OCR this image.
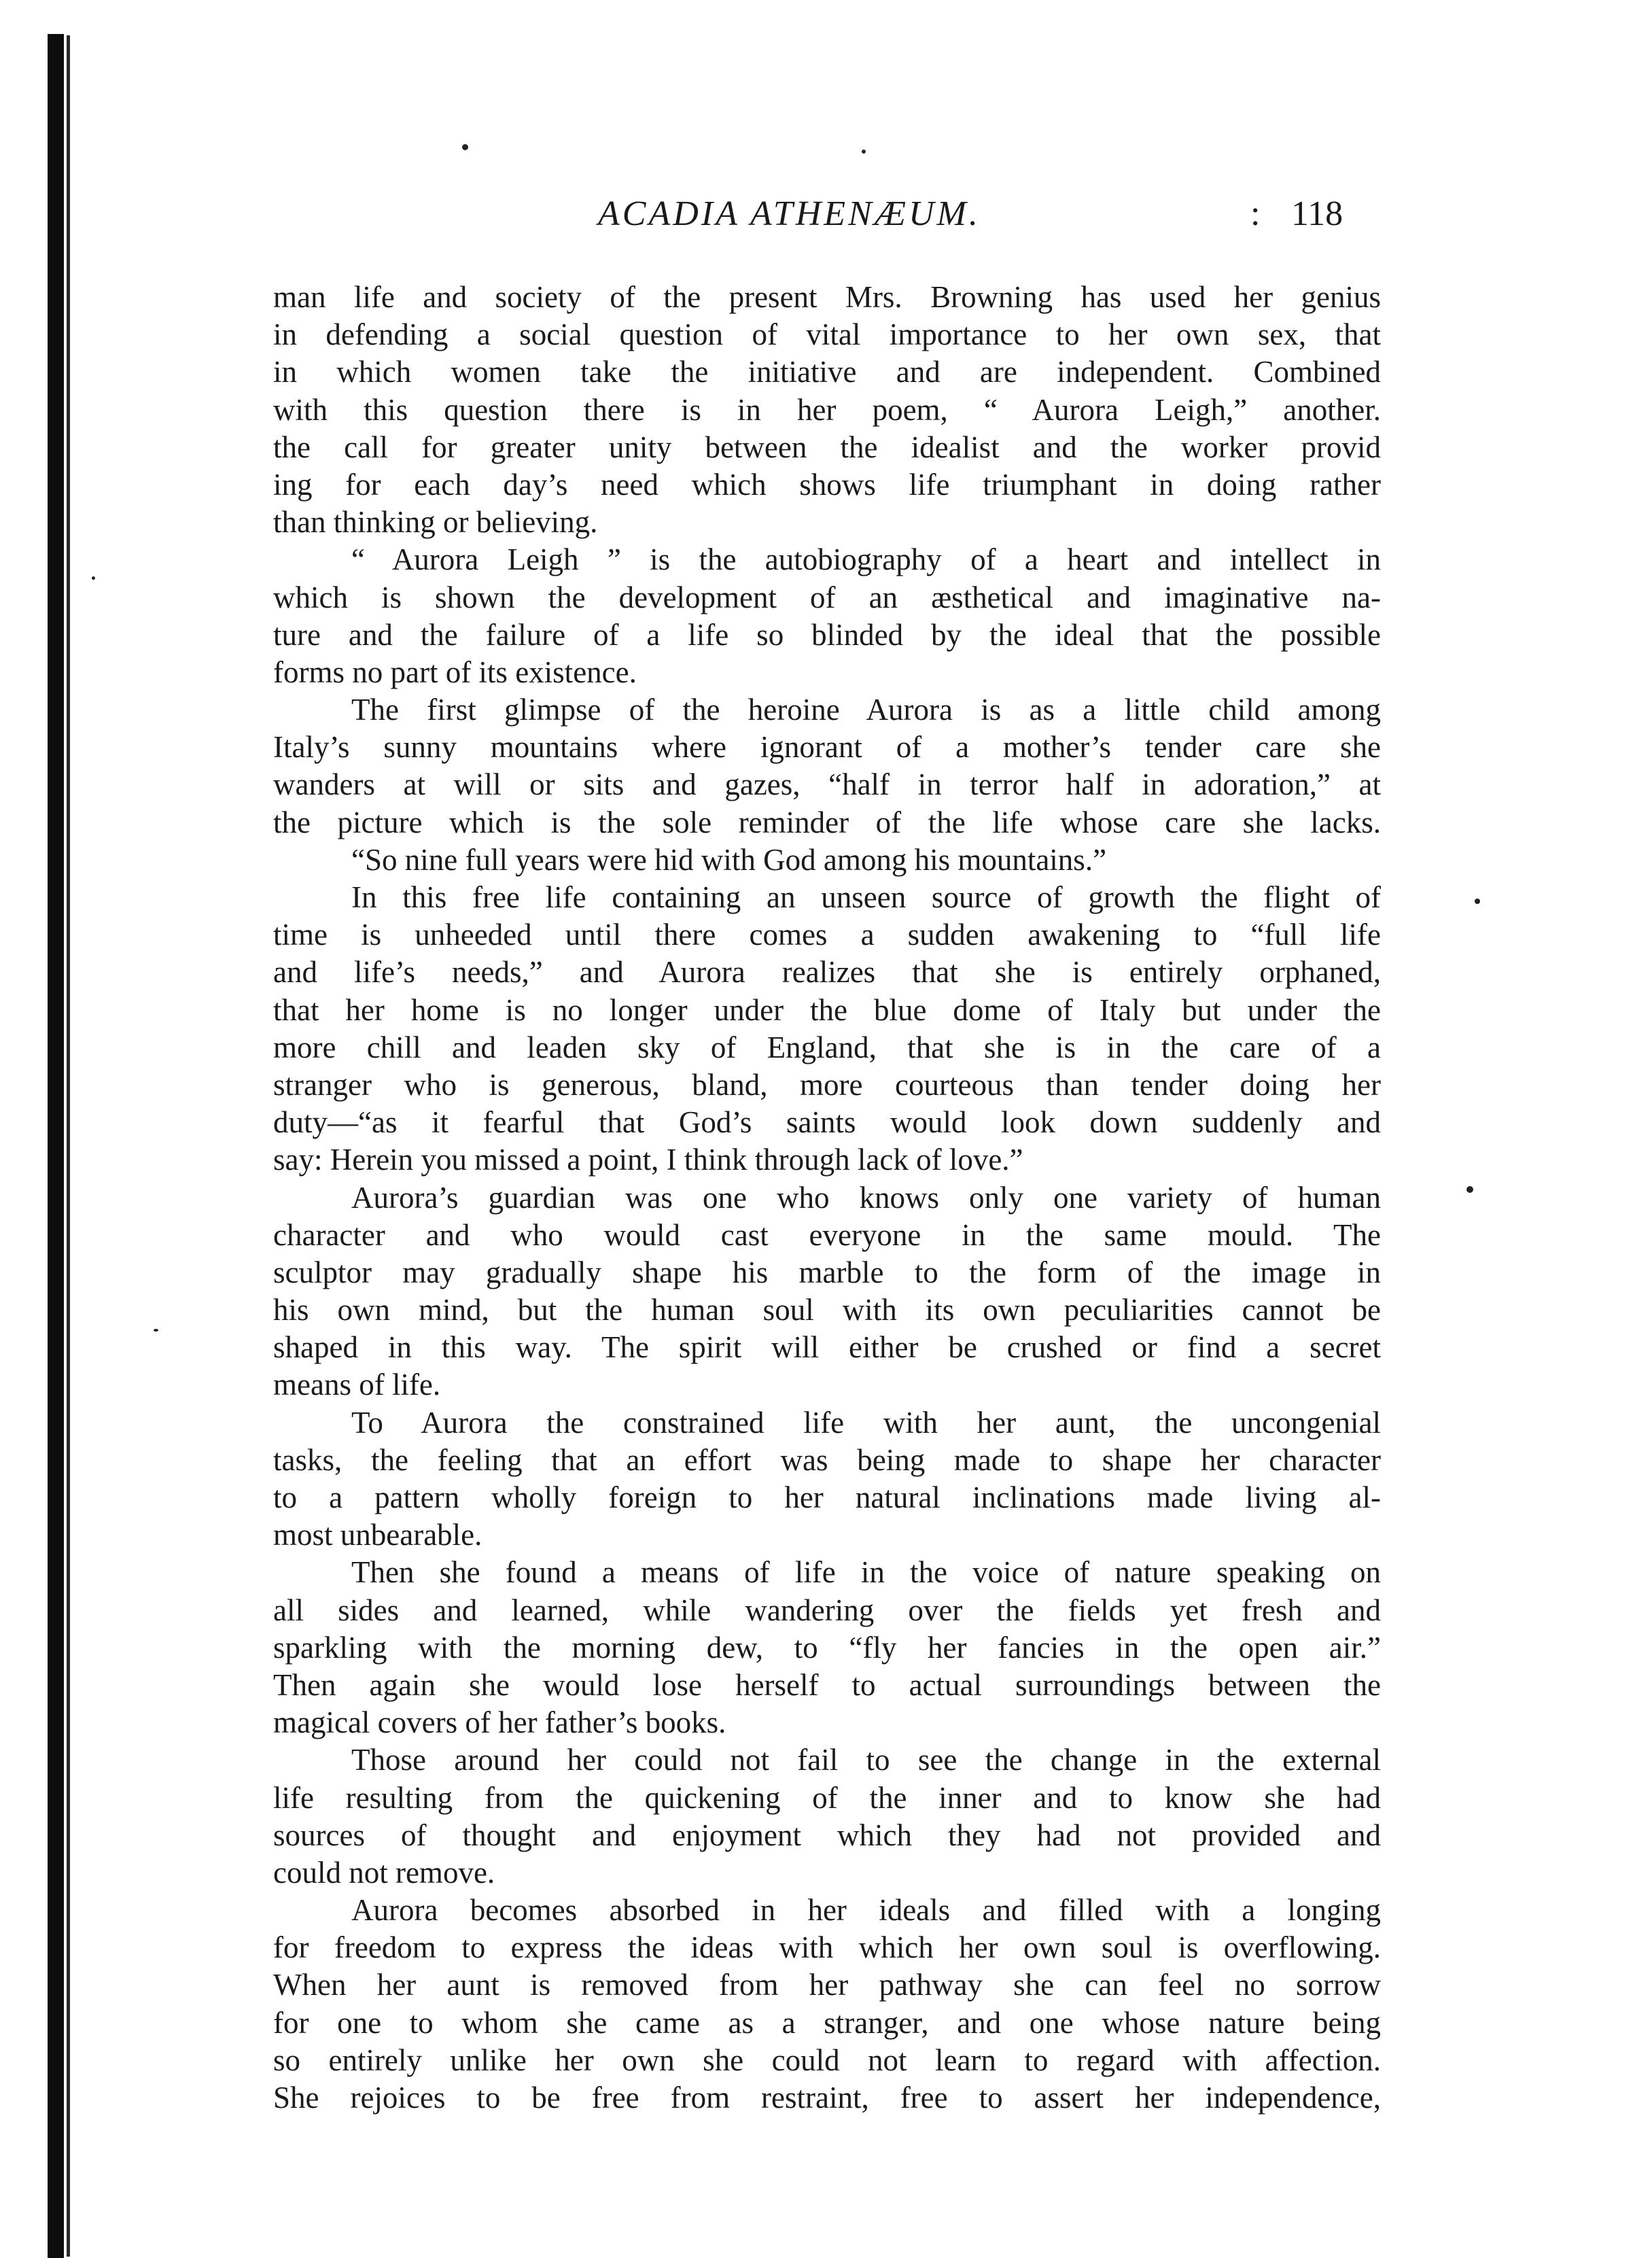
ACADIA ATHENÆUM.	: 118
man life and society of the present Mrs. Browning has used her genius
in defending a social question of vital importance to her own sex, that
in which women take the initiative and are independent. Combined
with this question there is in her poem, “ Aurora Leigh,” another.
the call for greater unity between the idealist and the worker provid
ing for each day’s need which shows life triumphant in doing rather
than thinking or believing.
“ Aurora Leigh ” is the autobiography of a heart and intellect in
which is shown the development of an æsthetical and imaginative na-
ture and the failure of a life so blinded by the ideal that the possible
forms no part of its existence.
The first glimpse of the heroine Aurora is as a little child among
Italy’s sunny mountains where ignorant of a mother’s tender care she
wanders at will or sits and gazes, “half in terror half in adoration,” at
the picture which is the sole reminder of the life whose care she lacks.
“So nine full years were hid with God among his mountains.”
In this free life containing an unseen source of growth the flight of
time is unheeded until there comes a sudden awakening to “full life
and life’s needs,” and Aurora realizes that she is entirely orphaned,
that her home is no longer under the blue dome of Italy but under the
more chill and leaden sky of England, that she is in the care of a
stranger who is generous, bland, more courteous than tender doing her
duty—“as it fearful that God’s saints would look down suddenly and
say: Herein you missed a point, I think through lack of love.”
Aurora’s guardian was one who knows only one variety of human
character and who would cast everyone in the same mould. The
sculptor may gradually shape his marble to the form of the image in
his own mind, but the human soul with its own peculiarities cannot be
shaped in this way. The spirit will either be crushed or find a secret
means of life.
To Aurora the constrained life with her aunt, the uncongenial
tasks, the feeling that an effort was being made to shape her character
to a pattern wholly foreign to her natural inclinations made living al-
most unbearable.
Then she found a means of life in the voice of nature speaking on
all sides and learned, while wandering over the fields yet fresh and
sparkling with the morning dew, to “fly her fancies in the open air.”
Then again she would lose herself to actual surroundings between the
magical covers of her father’s books.
Those around her could not fail to see the change in the external
life resulting from the quickening of the inner and to know she had
sources of thought and enjoyment which they had not provided and
could not remove.
Aurora becomes absorbed in her ideals and filled with a longing
for freedom to express the ideas with which her own soul is overflowing.
When her aunt is removed from her pathway she can feel no sorrow
for one to whom she came as a stranger, and one whose nature being
so entirely unlike her own she could not learn to regard with affection.
She rejoices to be free from restraint, free to assert her independence,
